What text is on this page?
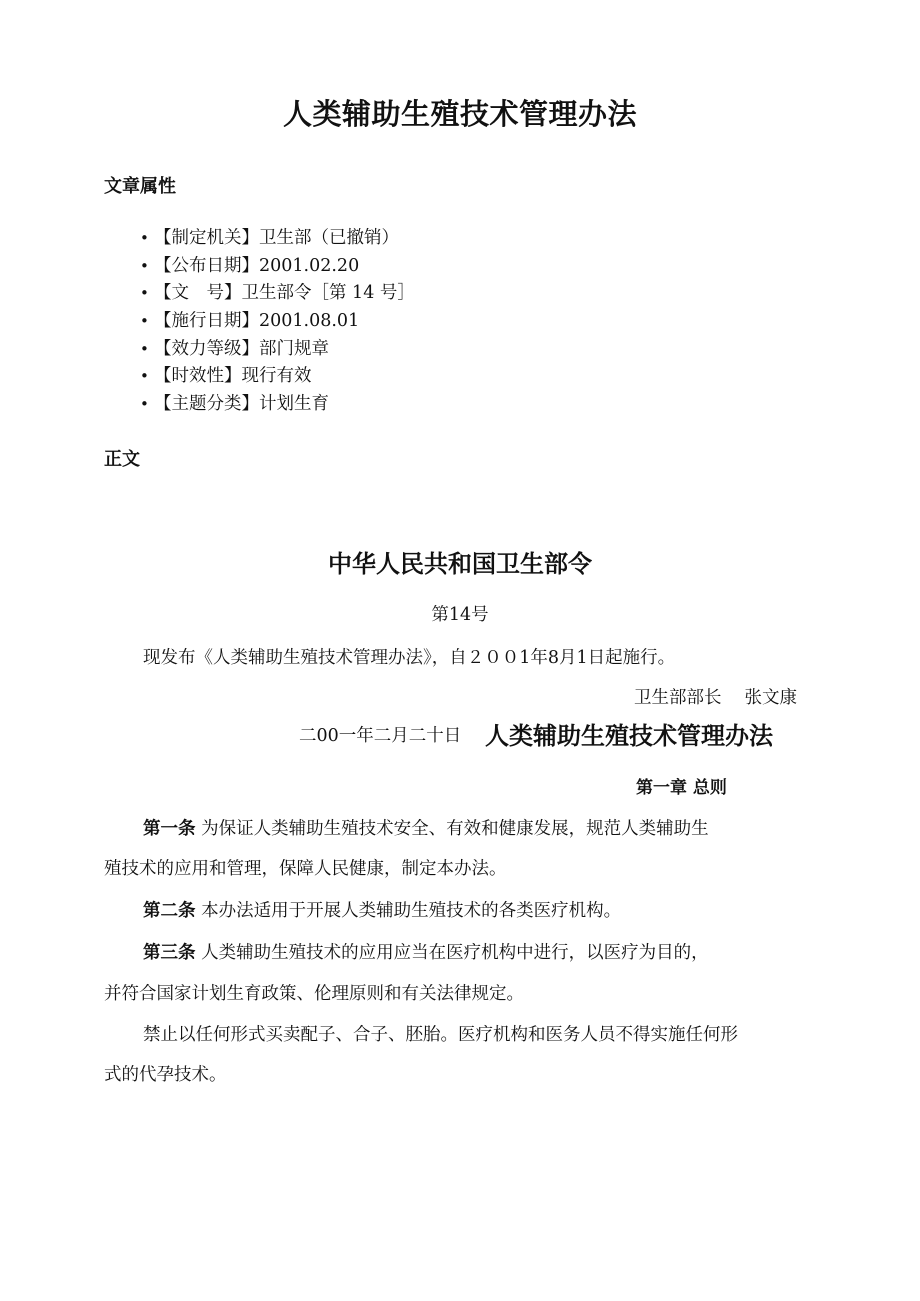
人类辅助生殖技术管理办法
文章属性
• 【制定机关】卫生部（已撤销）
• 【公布日期】2001.02.20
• 【文　号】卫生部令［第 14 号］
• 【施行日期】2001.08.01
• 【效力等级】部门规章
• 【时效性】现行有效
• 【主题分类】计划生育
正文
中华人民共和国卫生部令
第14号
现发布《人类辅助生殖技术管理办法》，自２００1年8月1日起施行。
卫生部部长　 张文康
二00一年二月二十日 人类辅助生殖技术管理办法
第一章 总则
第一条 为保证人类辅助生殖技术安全、有效和健康发展，规范人类辅助生
殖技术的应用和管理，保障人民健康，制定本办法。
第二条 本办法适用于开展人类辅助生殖技术的各类医疗机构。
第三条 人类辅助生殖技术的应用应当在医疗机构中进行，以医疗为目的，
并符合国家计划生育政策、伦理原则和有关法律规定。
禁止以任何形式买卖配子、合子、胚胎。医疗机构和医务人员不得实施任何形
式的代孕技术。
